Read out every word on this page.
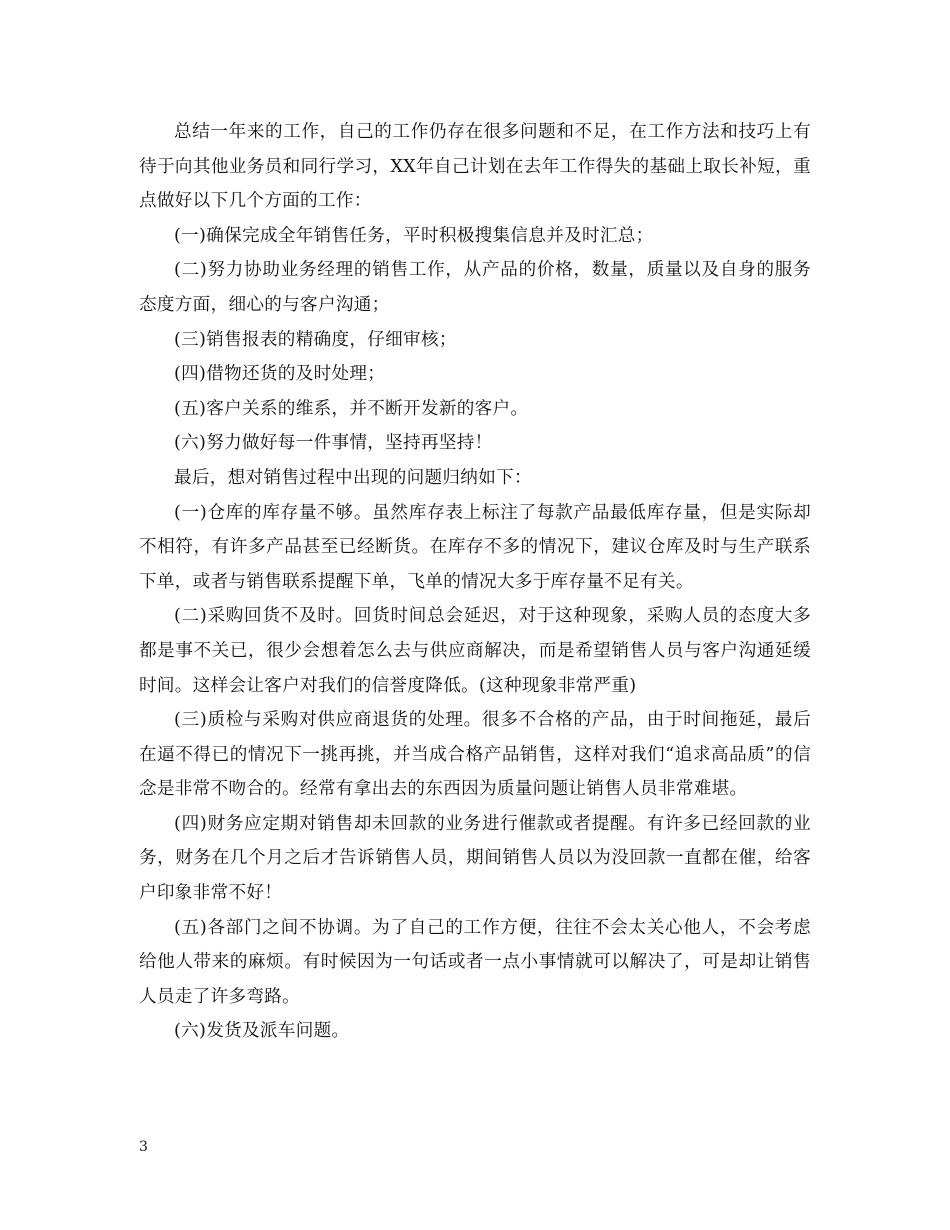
总结一年来的工作，自己的工作仍存在很多问题和不足，在工作方法和技巧上有待于向其他业务员和同行学习，XX年自己计划在去年工作得失的基础上取长补短，重点做好以下几个方面的工作：

(一)确保完成全年销售任务，平时积极搜集信息并及时汇总；

(二)努力协助业务经理的销售工作，从产品的价格，数量，质量以及自身的服务态度方面，细心的与客户沟通；

(三)销售报表的精确度，仔细审核；

(四)借物还货的及时处理；

(五)客户关系的维系，并不断开发新的客户。

(六)努力做好每一件事情，坚持再坚持！

最后，想对销售过程中出现的问题归纳如下：

(一)仓库的库存量不够。虽然库存表上标注了每款产品最低库存量，但是实际却不相符，有许多产品甚至已经断货。在库存不多的情况下，建议仓库及时与生产联系下单，或者与销售联系提醒下单，飞单的情况大多于库存量不足有关。

(二)采购回货不及时。回货时间总会延迟，对于这种现象，采购人员的态度大多都是事不关已，很少会想着怎么去与供应商解决，而是希望销售人员与客户沟通延缓时间。这样会让客户对我们的信誉度降低。(这种现象非常严重)

(三)质检与采购对供应商退货的处理。很多不合格的产品，由于时间拖延，最后在逼不得已的情况下一挑再挑，并当成合格产品销售，这样对我们“追求高品质”的信念是非常不吻合的。经常有拿出去的东西因为质量问题让销售人员非常难堪。

(四)财务应定期对销售却未回款的业务进行催款或者提醒。有许多已经回款的业务，财务在几个月之后才告诉销售人员，期间销售人员以为没回款一直都在催，给客户印象非常不好！

(五)各部门之间不协调。为了自己的工作方便，往往不会太关心他人，不会考虑给他人带来的麻烦。有时候因为一句话或者一点小事情就可以解决了，可是却让销售人员走了许多弯路。

(六)发货及派车问题。

3
